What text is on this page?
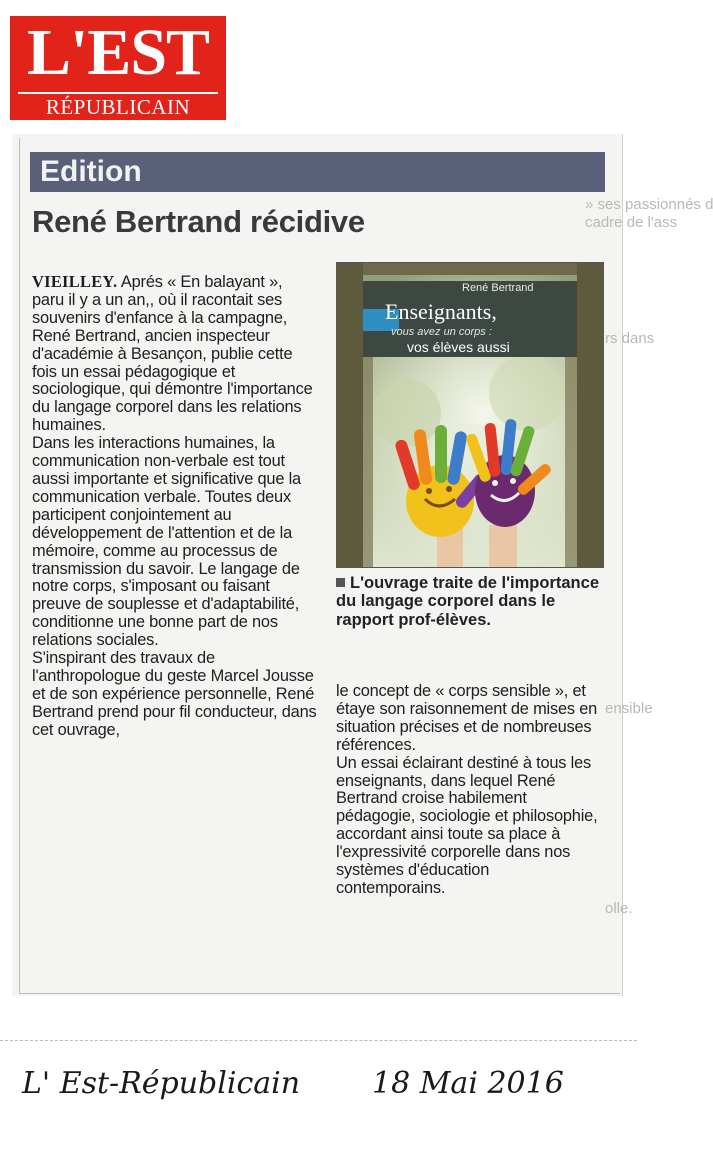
L'EST
RÉPUBLICAIN
» ses passionnés d
cadre de l'ass
rs dans
ensible
olle.
Edition
René Bertrand récidive

VIEILLEY. Aprés « En balayant », paru il y a un an,, où il racontait ses souvenirs d'enfance à la campagne, René Bertrand, ancien inspecteur d'académie à Besançon, publie cette fois un essai pédagogique et sociologique, qui démontre l'importance du langage corporel dans les relations humaines.

Dans les interactions humaines, la communication non-verbale est tout aussi importante et significative que la communication verbale. Toutes deux participent conjointement au développement de l'attention et de la mémoire, comme au processus de transmission du savoir. Le langage de notre corps, s'imposant ou faisant preuve de souplesse et d'adaptabilité, conditionne une bonne part de nos relations sociales.

S'inspirant des travaux de l'anthropologue du geste Marcel Jousse et de son expérience personnelle, René Bertrand prend pour fil conducteur, dans cet ouvrage,

René Bertrand
Enseignants,
vous avez un corps :
vos élèves aussi
L'ouvrage traite de l'importance du langage corporel dans le rapport prof-élèves.

le concept de « corps sensible », et étaye son raisonnement de mises en situation précises et de nombreuses références.

Un essai éclairant destiné à tous les enseignants, dans lequel René Bertrand croise habilement pédagogie, sociologie et philosophie, accordant ainsi toute sa place à l'expressivité corporelle dans nos systèmes d'éducation contemporains.

L' Est-Républicain 18 Mai 2016
